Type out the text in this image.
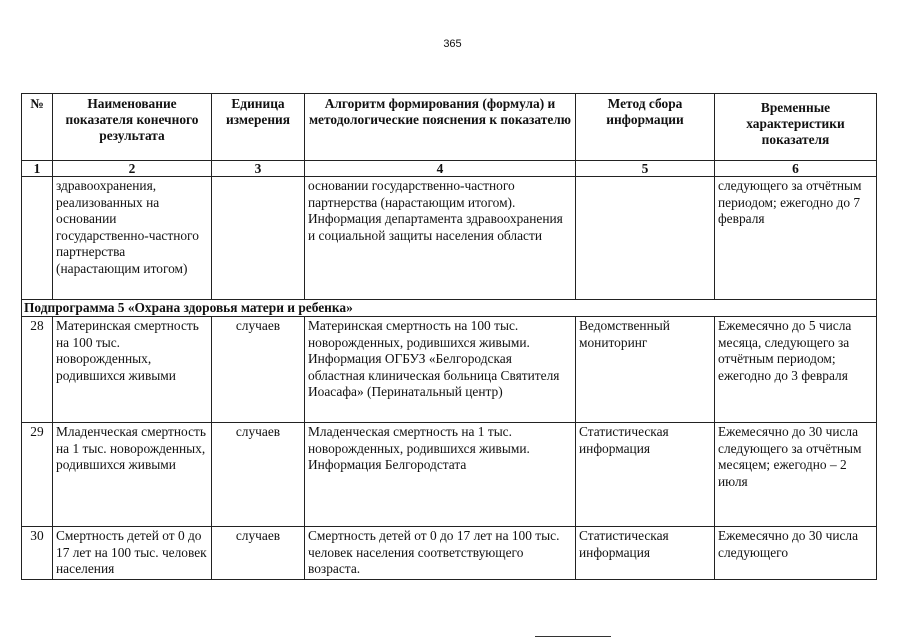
365
№	Наименование показателя конечного результата	Единица измерения	Алгоритм формирования (формула) и методологические пояснения к показателю	Метод сбора информации	Временные характеристики показателя
1	2	3	4	5	6
	здравоохранения, реализованных на основании государственно-частного партнерства (нарастающим итогом)		основании государственно-частного партнерства (нарастающим итогом). Информация департамента здравоохранения и социальной защиты населения области		следующего за отчётным периодом; ежегодно до 7 февраля
Подпрограмма 5 «Охрана здоровья матери и ребенка»					
28	Материнская смертность на 100 тыс. новорожденных, родившихся живыми	случаев	Материнская смертность на 100 тыс. новорожденных, родившихся живыми. Информация ОГБУЗ «Белгородская областная клиническая больница Святителя Иоасафа» (Перинатальный центр)	Ведомственный мониторинг	Ежемесячно до 5 числа месяца, следующего за отчётным периодом; ежегодно до 3 февраля
29	Младенческая смертность на 1 тыс. новорожденных, родившихся живыми	случаев	Младенческая смертность на 1 тыс. новорожденных, родившихся живыми. Информация Белгородстата	Статистическая информация	Ежемесячно до 30 числа следующего за отчётным месяцем; ежегодно – 2 июля
30	Смертность детей от 0 до 17 лет на 100 тыс. человек населения	случаев	Смертность детей от 0 до 17 лет на 100 тыс. человек населения соответствующего возраста.	Статистическая информация	Ежемесячно до 30 числа следующего
